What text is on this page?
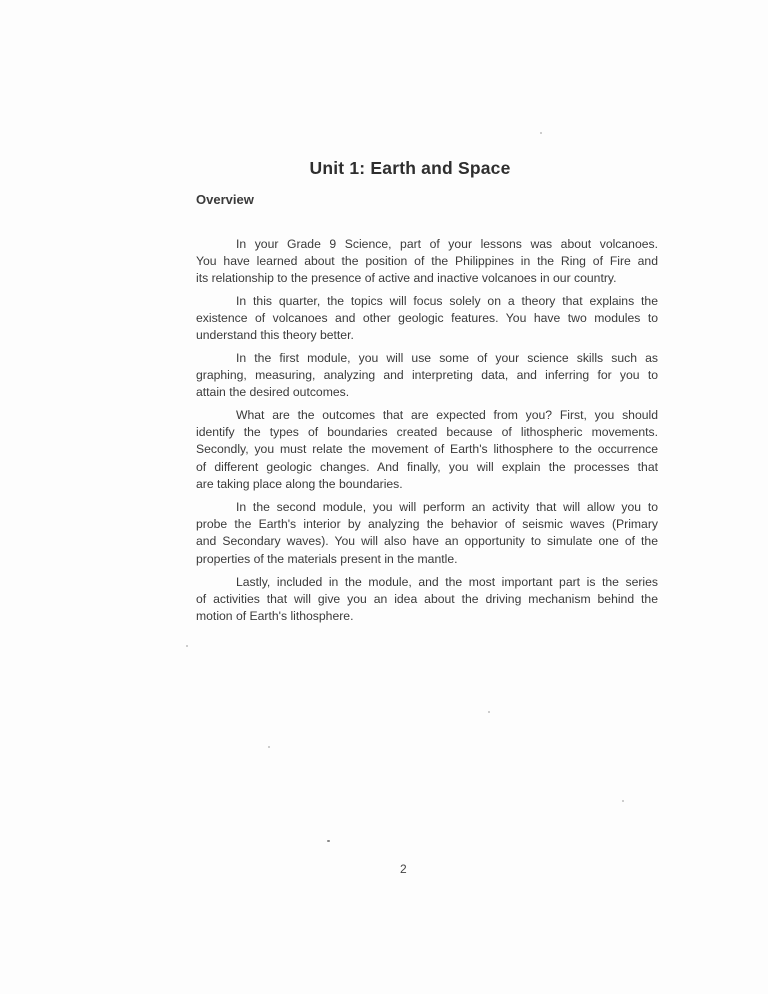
Unit 1: Earth and Space
Overview
In your Grade 9 Science, part of your lessons was about volcanoes.
You have learned about the position of the Philippines in the Ring of Fire and
its relationship to the presence of active and inactive volcanoes in our country.
In this quarter, the topics will focus solely on a theory that explains the
existence of volcanoes and other geologic features. You have two modules to
understand this theory better.
In the first module, you will use some of your science skills such as
graphing, measuring, analyzing and interpreting data, and inferring for you to
attain the desired outcomes.
What are the outcomes that are expected from you? First, you should
identify the types of boundaries created because of lithospheric movements.
Secondly, you must relate the movement of Earth's lithosphere to the occurrence
of different geologic changes. And finally, you will explain the processes that
are taking place along the boundaries.
In the second module, you will perform an activity that will allow you to
probe the Earth's interior by analyzing the behavior of seismic waves (Primary
and Secondary waves). You will also have an opportunity to simulate one of the
properties of the materials present in the mantle.
Lastly, included in the module, and the most important part is the series
of activities that will give you an idea about the driving mechanism behind the
motion of Earth's lithosphere.
2
